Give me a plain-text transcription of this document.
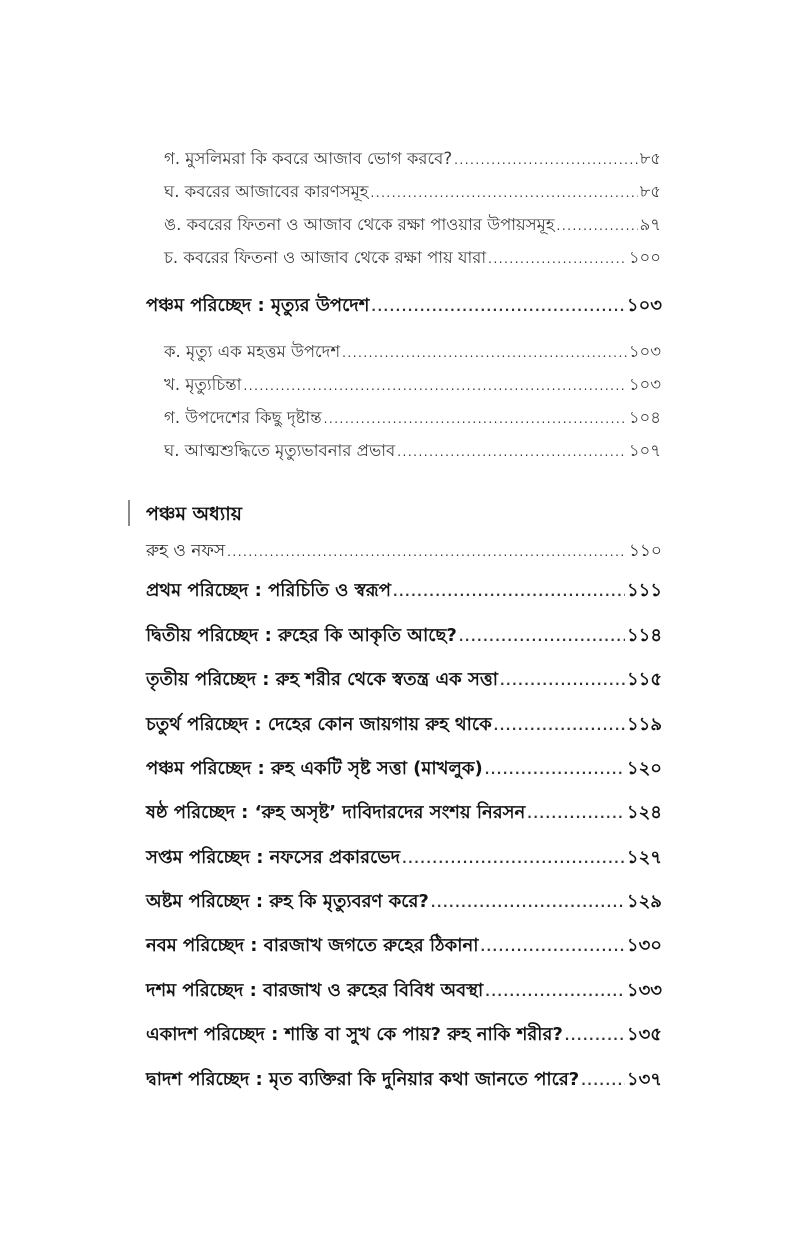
গ. মুসলিমরা কি কবরে আজাব ভোগ করবে? .....	৮৫
ঘ. কবরের আজাবের কারণসমূহ .....	৮৫
ঙ. কবরের ফিতনা ও আজাব থেকে রক্ষা পাওয়ার উপায়সমূহ .....	৯৭
চ. কবরের ফিতনা ও আজাব থেকে রক্ষা পায় যারা .....	১০০
পঞ্চম পরিচ্ছেদ : মৃত্যুর উপদেশ .....	১০৩
ক. মৃত্যু এক মহত্তম উপদেশ .....	১০৩
খ. মৃত্যুচিন্তা .....	১০৩
গ. উপদেশের কিছু দৃষ্টান্ত .....	১০৪
ঘ. আত্মশুদ্ধিতে মৃত্যুভাবনার প্রভাব .....	১০৭
পঞ্চম অধ্যায়
রুহ ও নফস .....	১১০
প্রথম পরিচ্ছেদ : পরিচিতি ও স্বরূপ .....	১১১
দ্বিতীয় পরিচ্ছেদ : রুহের কি আকৃতি আছে? .....	১১৪
তৃতীয় পরিচ্ছেদ : রুহ শরীর থেকে স্বতন্ত্র এক সত্তা .....	১১৫
চতুর্থ পরিচ্ছেদ : দেহের কোন জায়গায় রুহ থাকে .....	১১৯
পঞ্চম পরিচ্ছেদ : রুহ একটি সৃষ্ট সত্তা (মাখলুক) .....	১২০
ষষ্ঠ পরিচ্ছেদ : ‘রুহ অসৃষ্ট’ দাবিদারদের সংশয় নিরসন .....	১২৪
সপ্তম পরিচ্ছেদ : নফসের প্রকারভেদ .....	১২৭
অষ্টম পরিচ্ছেদ : রুহ কি মৃত্যুবরণ করে? .....	১২৯
নবম পরিচ্ছেদ : বারজাখ জগতে রুহের ঠিকানা .....	১৩০
দশম পরিচ্ছেদ : বারজাখ ও রুহের বিবিধ অবস্থা .....	১৩৩
একাদশ পরিচ্ছেদ : শাস্তি বা সুখ কে পায়? রুহ নাকি শরীর? .....	১৩৫
দ্বাদশ পরিচ্ছেদ : মৃত ব্যক্তিরা কি দুনিয়ার কথা জানতে পারে? .....	১৩৭
